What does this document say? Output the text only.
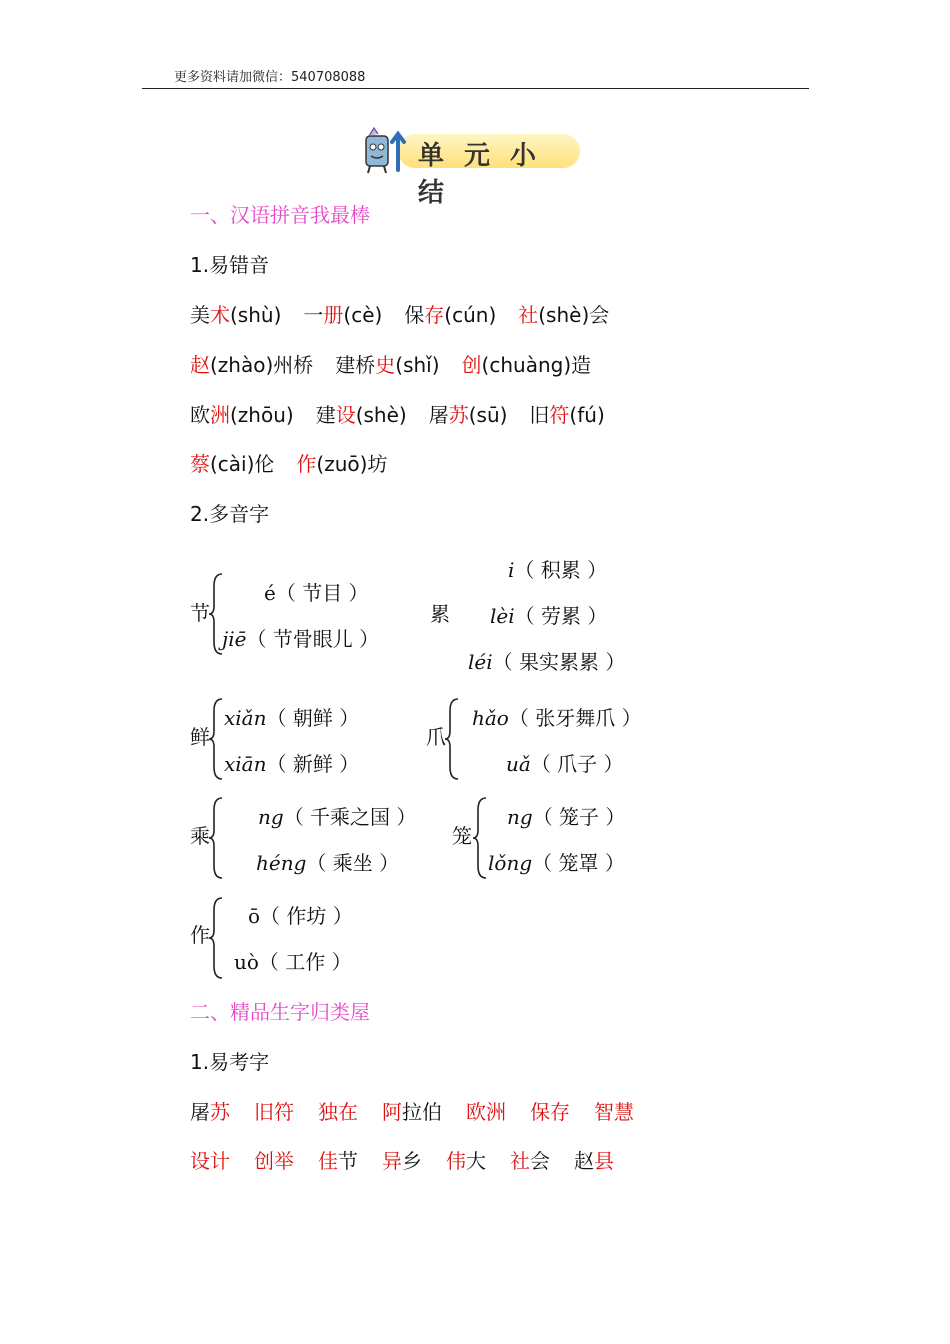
更多资料请加微信：540708088
单元小结
一、汉语拼音我最棒
1.易错音
美术(shù) 一册(cè) 保存(cún) 社(shè)会
赵(zhào)州桥 建桥史(shǐ) 创(chuàng)造
欧洲(zhōu) 建设(shè) 屠苏(sū) 旧符(fú)
蔡(cài)伦 作(zuō)坊
2.多音字
节
é（ 节目 ）
jiē（ 节骨眼儿 ）
累
i（ 积累 ）
lèi（ 劳累 ）
léi（ 果实累累 ）
鲜
xiǎn（ 朝鲜 ）
xiān（ 新鲜 ）
爪
hǎo（ 张牙舞爪 ）
uǎ（ 爪子 ）
乘
ng（ 千乘之国 ）
héng（ 乘坐 ）
笼
ng（ 笼子 ）
lǒng（ 笼罩 ）
作
ō（ 作坊 ）
uò（ 工作 ）
二、精品生字归类屋
1.易考字
屠苏 旧符 独在 阿拉伯 欧洲 保存 智慧
设计 创举 佳节 异乡 伟大 社会 赵县
